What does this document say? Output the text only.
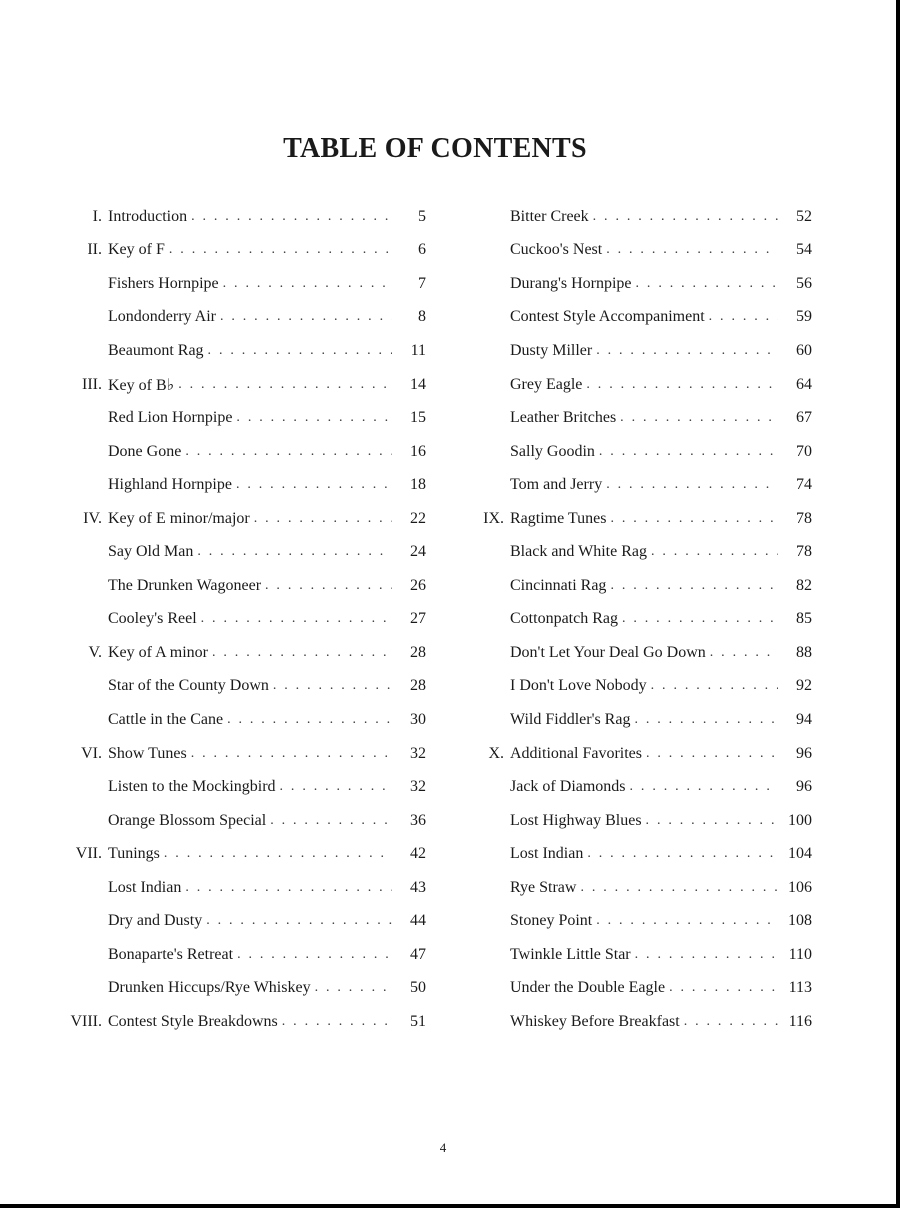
TABLE OF CONTENTS
I. Introduction . . .	5
II. Key of F . . .	6
Fishers Hornpipe . . .	7
Londonderry Air . . .	8
Beaumont Rag . . .	11
III. Key of B♭ . . .	14
Red Lion Hornpipe . . .	15
Done Gone . . .	16
Highland Hornpipe . . .	18
IV. Key of E minor/major . . .	22
Say Old Man . . .	24
The Drunken Wagoneer . . .	26
Cooley's Reel . . .	27
V. Key of A minor . . .	28
Star of the County Down . . .	28
Cattle in the Cane . . .	30
VI. Show Tunes . . .	32
Listen to the Mockingbird . . .	32
Orange Blossom Special . . .	36
VII. Tunings . . .	42
Lost Indian . . .	43
Dry and Dusty . . .	44
Bonaparte's Retreat . . .	47
Drunken Hiccups/Rye Whiskey . . .	50
VIII. Contest Style Breakdowns . . .	51
Bitter Creek . . .	52
Cuckoo's Nest . . .	54
Durang's Hornpipe . . .	56
Contest Style Accompaniment . . .	59
Dusty Miller . . .	60
Grey Eagle . . .	64
Leather Britches . . .	67
Sally Goodin . . .	70
Tom and Jerry . . .	74
IX. Ragtime Tunes . . .	78
Black and White Rag . . .	78
Cincinnati Rag . . .	82
Cottonpatch Rag . . .	85
Don't Let Your Deal Go Down . . .	88
I Don't Love Nobody . . .	92
Wild Fiddler's Rag . . .	94
X. Additional Favorites . . .	96
Jack of Diamonds . . .	96
Lost Highway Blues . . .	100
Lost Indian . . .	104
Rye Straw . . .	106
Stoney Point . . .	108
Twinkle Little Star . . .	110
Under the Double Eagle . . .	113
Whiskey Before Breakfast . . .	116
4
